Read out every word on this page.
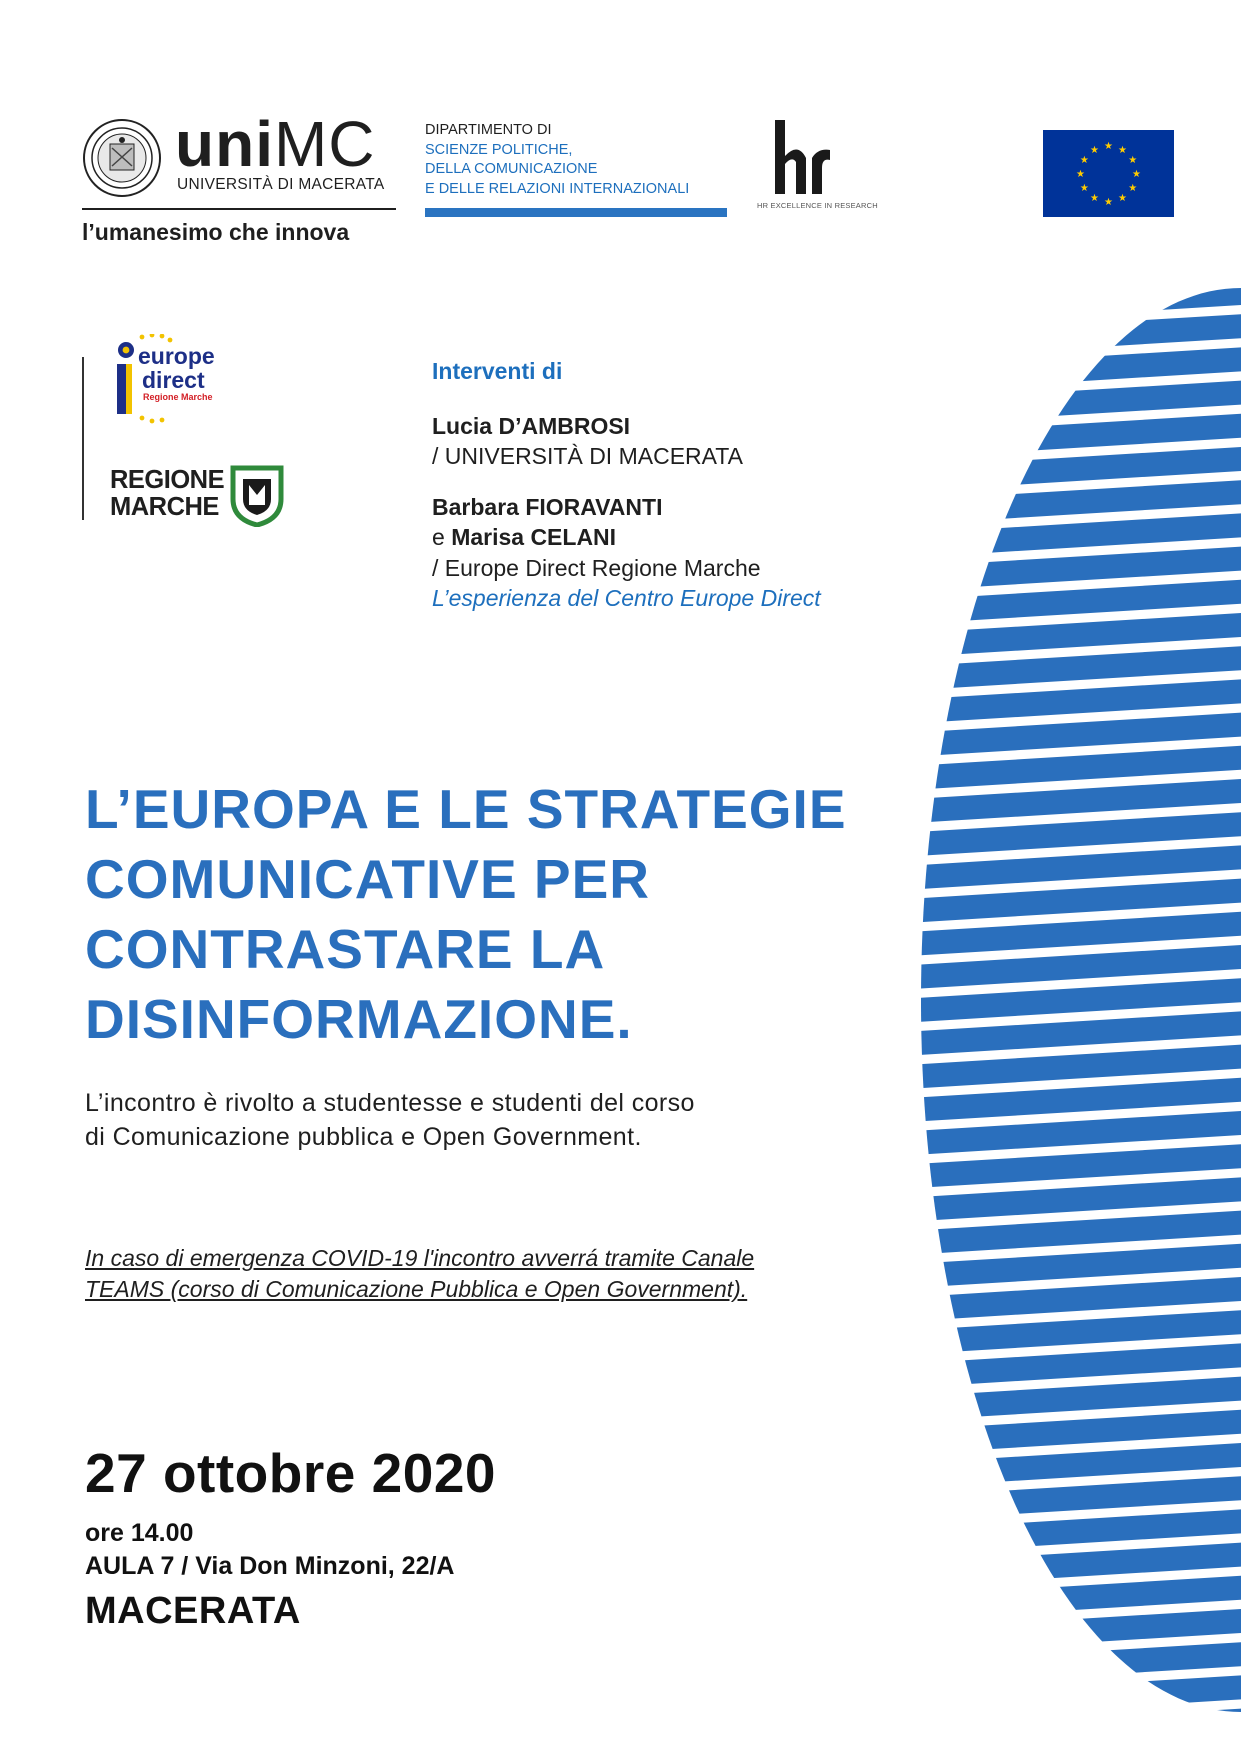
uniMC
UNIVERSITÀ DI MACERATA
l’umanesimo che innova
DIPARTIMENTO DI
SCIENZE POLITICHE,
DELLA COMUNICAZIONE
E DELLE RELAZIONI INTERNAZIONALI
HR EXCELLENCE IN RESEARCH
★ ★
★
★
★
★
★
★
★
★
★
★
europe
direct
Regione Marche
REGIONE
MARCHE
Interventi di
Lucia D’AMBROSI
/ UNIVERSITÀ DI MACERATA
Barbara FIORAVANTI
e Marisa CELANI
/ Europe Direct Regione Marche
L’esperienza del Centro Europe Direct
L’EUROPA E LE STRATEGIE
COMUNICATIVE PER
CONTRASTARE LA
DISINFORMAZIONE.
L’incontro è rivolto a studentesse e studenti del corso
di Comunicazione pubblica e Open Government.
In caso di emergenza COVID-19 l'incontro avverrá tramite Canale
TEAMS (corso di Comunicazione Pubblica e Open Government).
27 ottobre 2020
ore 14.00
AULA 7 / Via Don Minzoni, 22/A
MACERATA
